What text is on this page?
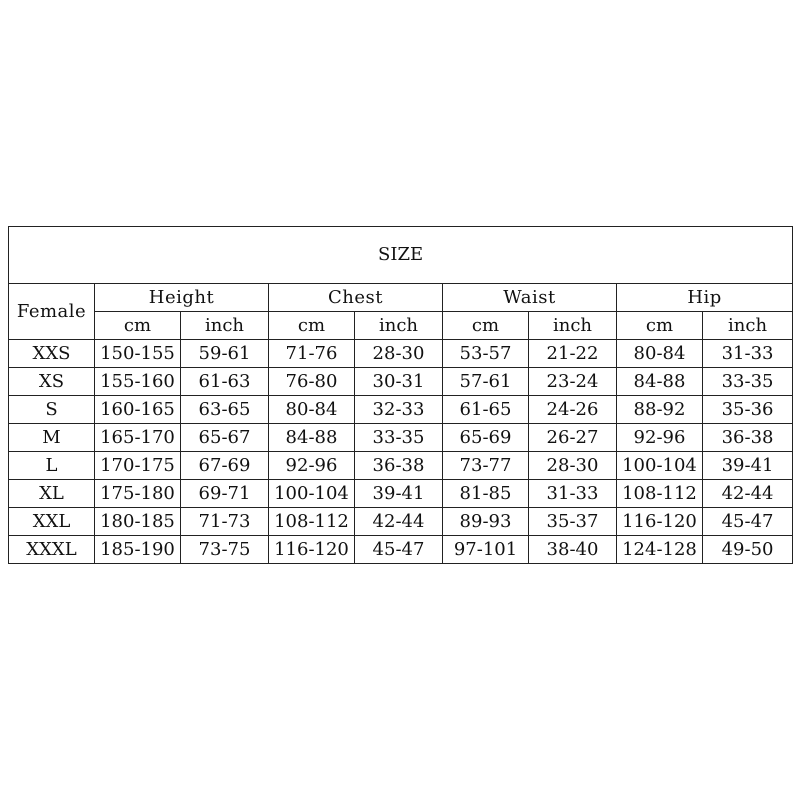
SIZE								
Female	Height		Chest		Waist		Hip	
	cm	inch	cm	inch	cm	inch	cm	inch
XXS	150-155	59-61	71-76	28-30	53-57	21-22	80-84	31-33
XS	155-160	61-63	76-80	30-31	57-61	23-24	84-88	33-35
S	160-165	63-65	80-84	32-33	61-65	24-26	88-92	35-36
M	165-170	65-67	84-88	33-35	65-69	26-27	92-96	36-38
L	170-175	67-69	92-96	36-38	73-77	28-30	100-104	39-41
XL	175-180	69-71	100-104	39-41	81-85	31-33	108-112	42-44
XXL	180-185	71-73	108-112	42-44	89-93	35-37	116-120	45-47
XXXL	185-190	73-75	116-120	45-47	97-101	38-40	124-128	49-50
